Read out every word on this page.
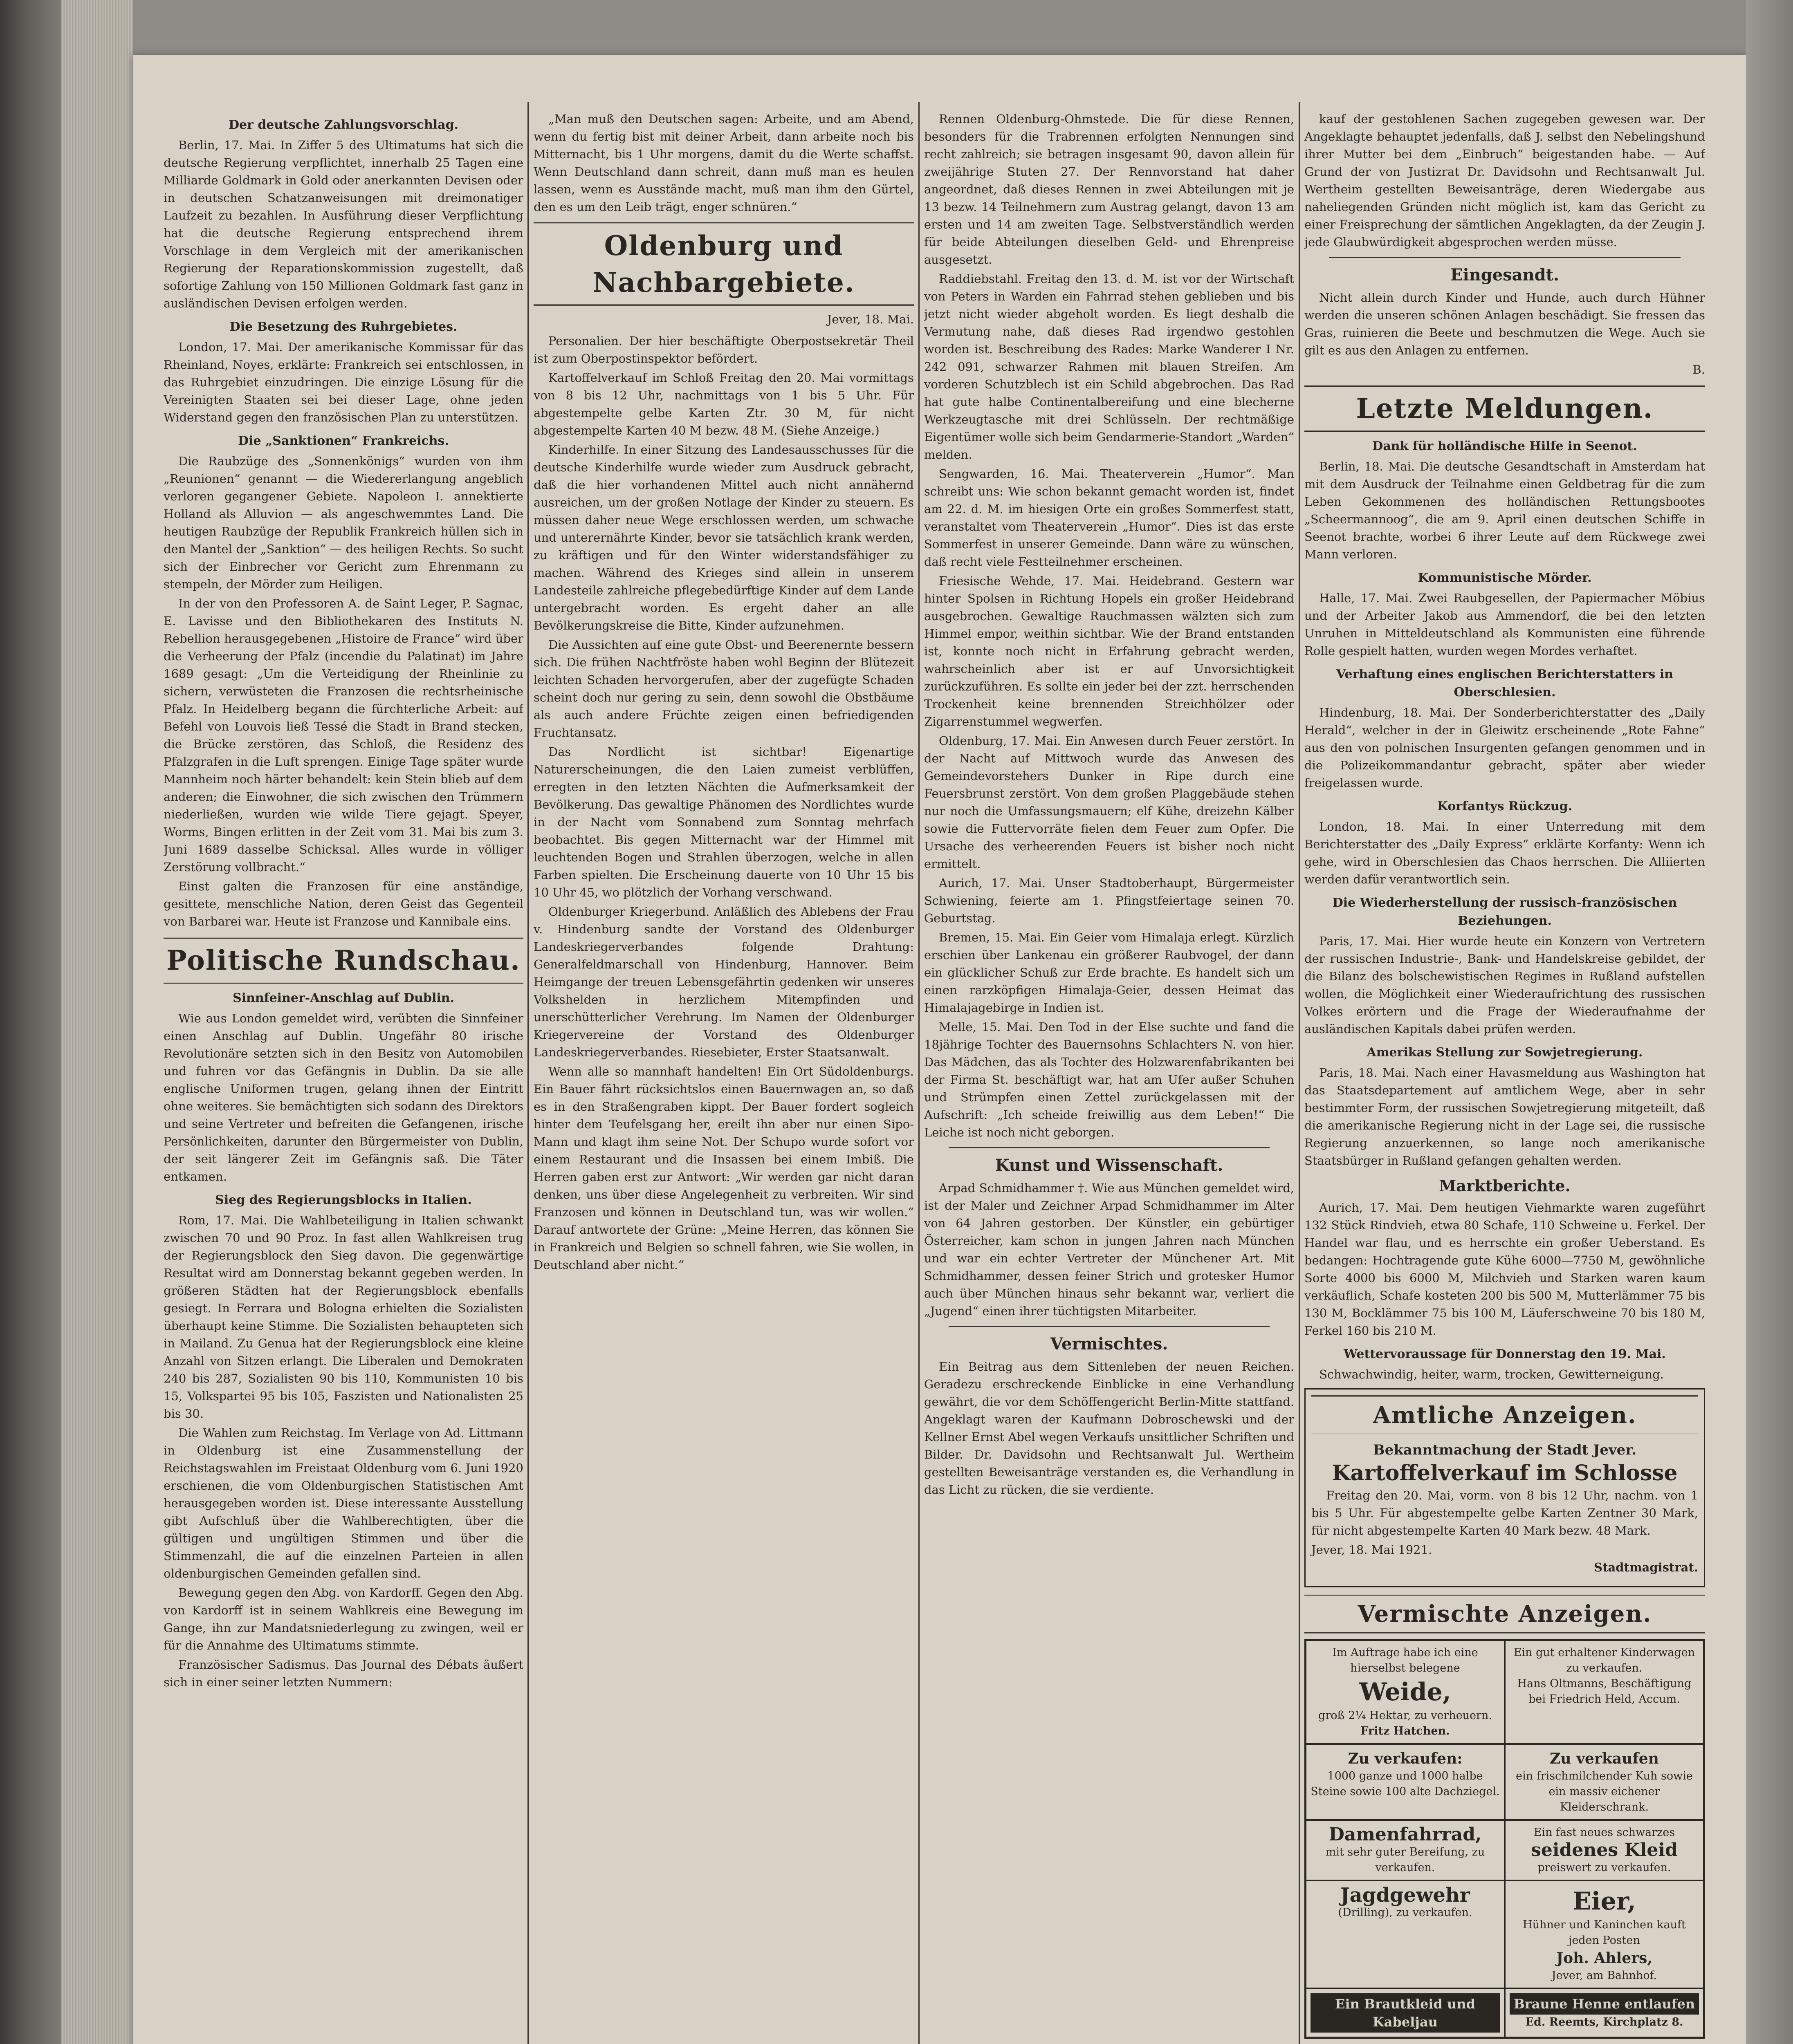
Der deutsche Zahlungsvorschlag.

Berlin, 17. Mai. In Ziffer 5 des Ultimatums hat sich die deutsche Regierung verpflichtet, innerhalb 25 Tagen eine Milliarde Goldmark in Gold oder anerkannten Devisen oder in deutschen Schatzanweisungen mit dreimonatiger Laufzeit zu bezahlen. In Ausführung dieser Verpflichtung hat die deutsche Regierung entsprechend ihrem Vorschlage in dem Vergleich mit der amerikanischen Regierung der Reparationskommission zugestellt, daß sofortige Zahlung von 150 Millionen Goldmark fast ganz in ausländischen Devisen erfolgen werden.

Die Besetzung des Ruhrgebietes.

London, 17. Mai. Der amerikanische Kommissar für das Rheinland, Noyes, erklärte: Frankreich sei entschlossen, in das Ruhrgebiet einzudringen. Die einzige Lösung für die Vereinigten Staaten sei bei dieser Lage, ohne jeden Widerstand gegen den französischen Plan zu unterstützen.

Die „Sanktionen“ Frankreichs.

Die Raubzüge des „Sonnenkönigs“ wurden von ihm „Reunionen“ genannt — die Wiedererlangung angeblich verloren gegangener Gebiete. Napoleon I. annektierte Holland als Alluvion — als angeschwemmtes Land. Die heutigen Raubzüge der Republik Frankreich hüllen sich in den Mantel der „Sanktion“ — des heiligen Rechts. So sucht sich der Einbrecher vor Gericht zum Ehrenmann zu stempeln, der Mörder zum Heiligen.

In der von den Professoren A. de Saint Leger, P. Sagnac, E. Lavisse und den Bibliothekaren des Instituts N. Rebellion herausgegebenen „Histoire de France“ wird über die Verheerung der Pfalz (incendie du Palatinat) im Jahre 1689 gesagt: „Um die Verteidigung der Rheinlinie zu sichern, verwüsteten die Franzosen die rechtsrheinische Pfalz. In Heidelberg begann die fürchterliche Arbeit: auf Befehl von Louvois ließ Tessé die Stadt in Brand stecken, die Brücke zerstören, das Schloß, die Residenz des Pfalzgrafen in die Luft sprengen. Einige Tage später wurde Mannheim noch härter behandelt: kein Stein blieb auf dem anderen; die Einwohner, die sich zwischen den Trümmern niederließen, wurden wie wilde Tiere gejagt. Speyer, Worms, Bingen erlitten in der Zeit vom 31. Mai bis zum 3. Juni 1689 dasselbe Schicksal. Alles wurde in völliger Zerstörung vollbracht.“

Einst galten die Franzosen für eine anständige, gesittete, menschliche Nation, deren Geist das Gegenteil von Barbarei war. Heute ist Franzose und Kannibale eins.

Politische Rundschau.
Sinnfeiner-Anschlag auf Dublin.

Wie aus London gemeldet wird, verübten die Sinnfeiner einen Anschlag auf Dublin. Ungefähr 80 irische Revolutionäre setzten sich in den Besitz von Automobilen und fuhren vor das Gefängnis in Dublin. Da sie alle englische Uniformen trugen, gelang ihnen der Eintritt ohne weiteres. Sie bemächtigten sich sodann des Direktors und seine Vertreter und befreiten die Gefangenen, irische Persönlichkeiten, darunter den Bürgermeister von Dublin, der seit längerer Zeit im Gefängnis saß. Die Täter entkamen.

Sieg des Regierungsblocks in Italien.

Rom, 17. Mai. Die Wahlbeteiligung in Italien schwankt zwischen 70 und 90 Proz. In fast allen Wahlkreisen trug der Regierungsblock den Sieg davon. Die gegenwärtige Resultat wird am Donnerstag bekannt gegeben werden. In größeren Städten hat der Regierungsblock ebenfalls gesiegt. In Ferrara und Bologna erhielten die Sozialisten überhaupt keine Stimme. Die Sozialisten behaupteten sich in Mailand. Zu Genua hat der Regierungsblock eine kleine Anzahl von Sitzen erlangt. Die Liberalen und Demokraten 240 bis 287, Sozialisten 90 bis 110, Kommunisten 10 bis 15, Volkspartei 95 bis 105, Faszisten und Nationalisten 25 bis 30.

Die Wahlen zum Reichstag. Im Verlage von Ad. Littmann in Oldenburg ist eine Zusammenstellung der Reichstagswahlen im Freistaat Oldenburg vom 6. Juni 1920 erschienen, die vom Oldenburgischen Statistischen Amt herausgegeben worden ist. Diese interessante Ausstellung gibt Aufschluß über die Wahlberechtigten, über die gültigen und ungültigen Stimmen und über die Stimmenzahl, die auf die einzelnen Parteien in allen oldenburgischen Gemeinden gefallen sind.

Bewegung gegen den Abg. von Kardorff. Gegen den Abg. von Kardorff ist in seinem Wahlkreis eine Bewegung im Gange, ihn zur Mandatsniederlegung zu zwingen, weil er für die Annahme des Ultimatums stimmte.

Französischer Sadismus. Das Journal des Débats äußert sich in einer seiner letzten Nummern:

„Man muß den Deutschen sagen: Arbeite, und am Abend, wenn du fertig bist mit deiner Arbeit, dann arbeite noch bis Mitternacht, bis 1 Uhr morgens, damit du die Werte schaffst. Wenn Deutschland dann schreit, dann muß man es heulen lassen, wenn es Ausstände macht, muß man ihm den Gürtel, den es um den Leib trägt, enger schnüren.“

Oldenburg und Nachbargebiete.
Jever, 18. Mai.

Personalien. Der hier beschäftigte Oberpostsekretär Theil ist zum Oberpostinspektor befördert.

Kartoffelverkauf im Schloß Freitag den 20. Mai vormittags von 8 bis 12 Uhr, nachmittags von 1 bis 5 Uhr. Für abgestempelte gelbe Karten Ztr. 30 M, für nicht abgestempelte Karten 40 M bezw. 48 M. (Siehe Anzeige.)

Kinderhilfe. In einer Sitzung des Landesausschusses für die deutsche Kinderhilfe wurde wieder zum Ausdruck gebracht, daß die hier vorhandenen Mittel auch nicht annähernd ausreichen, um der großen Notlage der Kinder zu steuern. Es müssen daher neue Wege erschlossen werden, um schwache und unterernährte Kinder, bevor sie tatsächlich krank werden, zu kräftigen und für den Winter widerstandsfähiger zu machen. Während des Krieges sind allein in unserem Landesteile zahlreiche pflegebedürftige Kinder auf dem Lande untergebracht worden. Es ergeht daher an alle Bevölkerungskreise die Bitte, Kinder aufzunehmen.

Die Aussichten auf eine gute Obst- und Beerenernte bessern sich. Die frühen Nachtfröste haben wohl Beginn der Blütezeit leichten Schaden hervorgerufen, aber der zugefügte Schaden scheint doch nur gering zu sein, denn sowohl die Obstbäume als auch andere Früchte zeigen einen befriedigenden Fruchtansatz.

Das Nordlicht ist sichtbar! Eigenartige Naturerscheinungen, die den Laien zumeist verblüffen, erregten in den letzten Nächten die Aufmerksamkeit der Bevölkerung. Das gewaltige Phänomen des Nordlichtes wurde in der Nacht vom Sonnabend zum Sonntag mehrfach beobachtet. Bis gegen Mitternacht war der Himmel mit leuchtenden Bogen und Strahlen überzogen, welche in allen Farben spielten. Die Erscheinung dauerte von 10 Uhr 15 bis 10 Uhr 45, wo plötzlich der Vorhang verschwand.

Oldenburger Kriegerbund. Anläßlich des Ablebens der Frau v. Hindenburg sandte der Vorstand des Oldenburger Landeskriegerverbandes folgende Drahtung: Generalfeldmarschall von Hindenburg, Hannover. Beim Heimgange der treuen Lebensgefährtin gedenken wir unseres Volkshelden in herzlichem Mitempfinden und unerschütterlicher Verehrung. Im Namen der Oldenburger Kriegervereine der Vorstand des Oldenburger Landeskriegerverbandes. Riesebieter, Erster Staatsanwalt.

Wenn alle so mannhaft handelten! Ein Ort Südoldenburgs. Ein Bauer fährt rücksichtslos einen Bauernwagen an, so daß es in den Straßengraben kippt. Der Bauer fordert sogleich hinter dem Teufelsgang her, ereilt ihn aber nur einen Sipo-Mann und klagt ihm seine Not. Der Schupo wurde sofort vor einem Restaurant und die Insassen bei einem Imbiß. Die Herren gaben erst zur Antwort: „Wir werden gar nicht daran denken, uns über diese Angelegenheit zu verbreiten. Wir sind Franzosen und können in Deutschland tun, was wir wollen.“ Darauf antwortete der Grüne: „Meine Herren, das können Sie in Frankreich und Belgien so schnell fahren, wie Sie wollen, in Deutschland aber nicht.“

Rennen Oldenburg-Ohmstede. Die für diese Rennen, besonders für die Trabrennen erfolgten Nennungen sind recht zahlreich; sie betragen insgesamt 90, davon allein für zweijährige Stuten 27. Der Rennvorstand hat daher angeordnet, daß dieses Rennen in zwei Abteilungen mit je 13 bezw. 14 Teilnehmern zum Austrag gelangt, davon 13 am ersten und 14 am zweiten Tage. Selbstverständlich werden für beide Abteilungen dieselben Geld- und Ehrenpreise ausgesetzt.

Raddiebstahl. Freitag den 13. d. M. ist vor der Wirtschaft von Peters in Warden ein Fahrrad stehen geblieben und bis jetzt nicht wieder abgeholt worden. Es liegt deshalb die Vermutung nahe, daß dieses Rad irgendwo gestohlen worden ist. Beschreibung des Rades: Marke Wanderer I Nr. 242 091, schwarzer Rahmen mit blauen Streifen. Am vorderen Schutzblech ist ein Schild abgebrochen. Das Rad hat gute halbe Continentalbereifung und eine blecherne Werkzeugtasche mit drei Schlüsseln. Der rechtmäßige Eigentümer wolle sich beim Gendarmerie-Standort „Warden“ melden.

Sengwarden, 16. Mai. Theaterverein „Humor“. Man schreibt uns: Wie schon bekannt gemacht worden ist, findet am 22. d. M. im hiesigen Orte ein großes Sommerfest statt, veranstaltet vom Theaterverein „Humor“. Dies ist das erste Sommerfest in unserer Gemeinde. Dann wäre zu wünschen, daß recht viele Festteilnehmer erscheinen.

Friesische Wehde, 17. Mai. Heidebrand. Gestern war hinter Spolsen in Richtung Hopels ein großer Heidebrand ausgebrochen. Gewaltige Rauchmassen wälzten sich zum Himmel empor, weithin sichtbar. Wie der Brand entstanden ist, konnte noch nicht in Erfahrung gebracht werden, wahrscheinlich aber ist er auf Unvorsichtigkeit zurückzuführen. Es sollte ein jeder bei der zzt. herrschenden Trockenheit keine brennenden Streichhölzer oder Zigarrenstummel wegwerfen.

Oldenburg, 17. Mai. Ein Anwesen durch Feuer zerstört. In der Nacht auf Mittwoch wurde das Anwesen des Gemeindevorstehers Dunker in Ripe durch eine Feuersbrunst zerstört. Von dem großen Plaggebäude stehen nur noch die Umfassungsmauern; elf Kühe, dreizehn Kälber sowie die Futtervorräte fielen dem Feuer zum Opfer. Die Ursache des verheerenden Feuers ist bisher noch nicht ermittelt.

Aurich, 17. Mai. Unser Stadtoberhaupt, Bürgermeister Schwiening, feierte am 1. Pfingstfeiertage seinen 70. Geburtstag.

Bremen, 15. Mai. Ein Geier vom Himalaja erlegt. Kürzlich erschien über Lankenau ein größerer Raubvogel, der dann ein glücklicher Schuß zur Erde brachte. Es handelt sich um einen rarzköpfigen Himalaja-Geier, dessen Heimat das Himalajagebirge in Indien ist.

Melle, 15. Mai. Den Tod in der Else suchte und fand die 18jährige Tochter des Bauernsohns Schlachters N. von hier. Das Mädchen, das als Tochter des Holzwarenfabrikanten bei der Firma St. beschäftigt war, hat am Ufer außer Schuhen und Strümpfen einen Zettel zurückgelassen mit der Aufschrift: „Ich scheide freiwillig aus dem Leben!“ Die Leiche ist noch nicht geborgen.

Kunst und Wissenschaft.

Arpad Schmidhammer †. Wie aus München gemeldet wird, ist der Maler und Zeichner Arpad Schmidhammer im Alter von 64 Jahren gestorben. Der Künstler, ein gebürtiger Österreicher, kam schon in jungen Jahren nach München und war ein echter Vertreter der Münchener Art. Mit Schmidhammer, dessen feiner Strich und grotesker Humor auch über München hinaus sehr bekannt war, verliert die „Jugend“ einen ihrer tüchtigsten Mitarbeiter.

Vermischtes.

Ein Beitrag aus dem Sittenleben der neuen Reichen. Geradezu erschreckende Einblicke in eine Verhandlung gewährt, die vor dem Schöffengericht Berlin-Mitte stattfand. Angeklagt waren der Kaufmann Dobroschewski und der Kellner Ernst Abel wegen Verkaufs unsittlicher Schriften und Bilder. Dr. Davidsohn und Rechtsanwalt Jul. Wertheim gestellten Beweisanträge verstanden es, die Verhandlung in das Licht zu rücken, die sie verdiente.

kauf der gestohlenen Sachen zugegeben gewesen war. Der Angeklagte behauptet jedenfalls, daß J. selbst den Nebelingshund ihrer Mutter bei dem „Einbruch“ beigestanden habe. — Auf Grund der von Justizrat Dr. Davidsohn und Rechtsanwalt Jul. Wertheim gestellten Beweisanträge, deren Wiedergabe aus naheliegenden Gründen nicht möglich ist, kam das Gericht zu einer Freisprechung der sämtlichen Angeklagten, da der Zeugin J. jede Glaubwürdigkeit abgesprochen werden müsse.

Eingesandt.

Nicht allein durch Kinder und Hunde, auch durch Hühner werden die unseren schönen Anlagen beschädigt. Sie fressen das Gras, ruinieren die Beete und beschmutzen die Wege. Auch sie gilt es aus den Anlagen zu entfernen.

B.
Letzte Meldungen.
Dank für holländische Hilfe in Seenot.

Berlin, 18. Mai. Die deutsche Gesandtschaft in Amsterdam hat mit dem Ausdruck der Teilnahme einen Geldbetrag für die zum Leben Gekommenen des holländischen Rettungsbootes „Scheermannoog“, die am 9. April einen deutschen Schiffe in Seenot brachte, worbei 6 ihrer Leute auf dem Rückwege zwei Mann verloren.

Kommunistische Mörder.

Halle, 17. Mai. Zwei Raubgesellen, der Papiermacher Möbius und der Arbeiter Jakob aus Ammendorf, die bei den letzten Unruhen in Mitteldeutschland als Kommunisten eine führende Rolle gespielt hatten, wurden wegen Mordes verhaftet.

Verhaftung eines englischen Berichterstatters in Oberschlesien.

Hindenburg, 18. Mai. Der Sonderberichterstatter des „Daily Herald“, welcher in der in Gleiwitz erscheinende „Rote Fahne“ aus den von polnischen Insurgenten gefangen genommen und in die Polizeikommandantur gebracht, später aber wieder freigelassen wurde.

Korfantys Rückzug.

London, 18. Mai. In einer Unterredung mit dem Berichterstatter des „Daily Express“ erklärte Korfanty: Wenn ich gehe, wird in Oberschlesien das Chaos herrschen. Die Alliierten werden dafür verantwortlich sein.

Die Wiederherstellung der russisch-französischen Beziehungen.

Paris, 17. Mai. Hier wurde heute ein Konzern von Vertretern der russischen Industrie-, Bank- und Handelskreise gebildet, der die Bilanz des bolschewistischen Regimes in Rußland aufstellen wollen, die Möglichkeit einer Wiederaufrichtung des russischen Volkes erörtern und die Frage der Wiederaufnahme der ausländischen Kapitals dabei prüfen werden.

Amerikas Stellung zur Sowjetregierung.

Paris, 18. Mai. Nach einer Havasmeldung aus Washington hat das Staatsdepartement auf amtlichem Wege, aber in sehr bestimmter Form, der russischen Sowjetregierung mitgeteilt, daß die amerikanische Regierung nicht in der Lage sei, die russische Regierung anzuerkennen, so lange noch amerikanische Staatsbürger in Rußland gefangen gehalten werden.

Marktberichte.

Aurich, 17. Mai. Dem heutigen Viehmarkte waren zugeführt 132 Stück Rindvieh, etwa 80 Schafe, 110 Schweine u. Ferkel. Der Handel war flau, und es herrschte ein großer Ueberstand. Es bedangen: Hochtragende gute Kühe 6000—7750 M, gewöhnliche Sorte 4000 bis 6000 M, Milchvieh und Starken waren kaum verkäuflich, Schafe kosteten 200 bis 500 M, Mutterlämmer 75 bis 130 M, Bocklämmer 75 bis 100 M, Läuferschweine 70 bis 180 M, Ferkel 160 bis 210 M.

Wettervoraussage für Donnerstag den 19. Mai.

Schwachwindig, heiter, warm, trocken, Gewitterneigung.

Amtliche Anzeigen.
Bekanntmachung der Stadt Jever.
Kartoffelverkauf im Schlosse

Freitag den 20. Mai, vorm. von 8 bis 12 Uhr, nachm. von 1 bis 5 Uhr. Für abgestempelte gelbe Karten Zentner 30 Mark, für nicht abgestempelte Karten 40 Mark bezw. 48 Mark.

Jever, 18. Mai 1921.
Stadtmagistrat.
Vermischte Anzeigen.
Im Auftrage habe ich eine hierselbst belegene
Weide,
groß 2¼ Hektar, zu verheuern.
Fritz Hatchen.
Ein gut erhaltener Kinderwagen zu verkaufen.
Hans Oltmanns, Beschäftigung bei Friedrich Held, Accum.
Zu verkaufen:
1000 ganze und 1000 halbe Steine sowie 100 alte Dachziegel.
Zu verkaufen
ein frischmilchender Kuh sowie ein massiv eichener Kleiderschrank.
Damenfahrrad,
mit sehr guter Bereifung, zu verkaufen.
Ein fast neues schwarzes
seidenes Kleid
preiswert zu verkaufen.
Jagdgewehr
(Drilling), zu verkaufen.	Eier,
Hühner und Kaninchen kauft jeden Posten
Joh. Ahlers,
Jever, am Bahnhof.
Ein Brautkleid und Kabeljau
Braune Henne entlaufen
Ed. Reemts, Kirchplatz 8.
